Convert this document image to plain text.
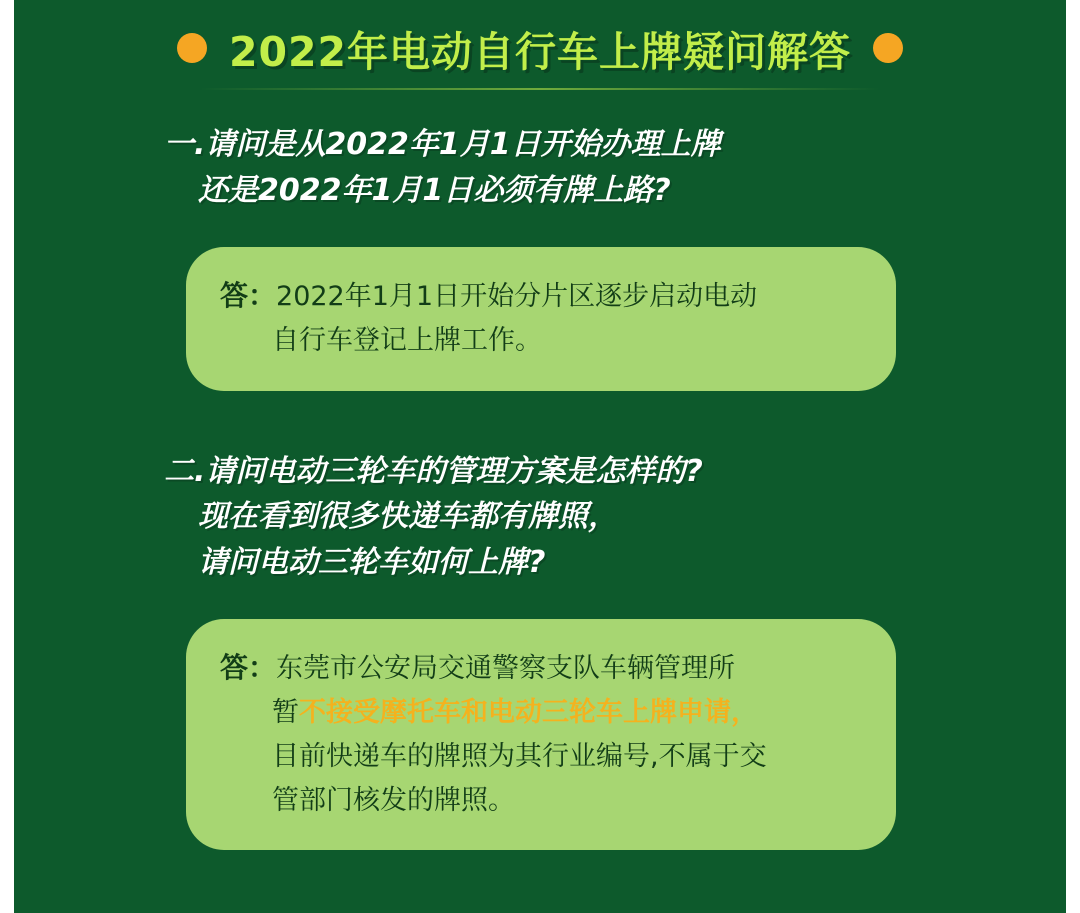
2022年电动自行车上牌疑问解答
一.请问是从2022年1月1日开始办理上牌
还是2022年1月1日必须有牌上路?
答：2022年1月1日开始分片区逐步启动电动
自行车登记上牌工作。
二.请问电动三轮车的管理方案是怎样的?
现在看到很多快递车都有牌照，
请问电动三轮车如何上牌?
答：东莞市公安局交通警察支队车辆管理所
暂不接受摩托车和电动三轮车上牌申请，
目前快递车的牌照为其行业编号,不属于交
管部门核发的牌照。
